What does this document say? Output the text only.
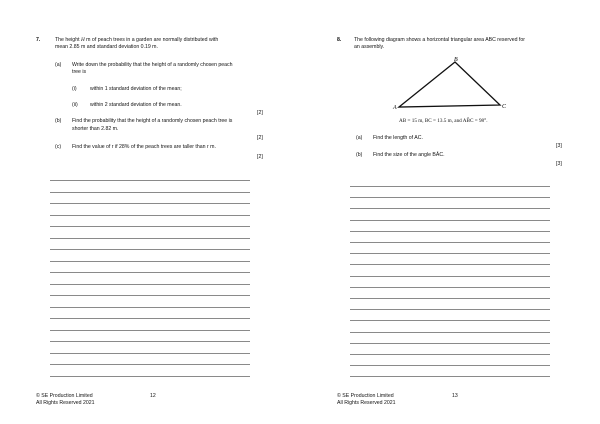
7.	The height H m of peach trees in a garden are normally distributed with
mean 2.85 m and standard deviation 0.19 m.
(a) Write down the probability that the height of a randomly chosen peach
tree is
(i)	within 1 standard deviation of the mean;
(ii) within 2 standard deviation of the mean.
[2]
(b) Find the probability that the height of a randomly chosen peach tree is
shorter than 2.82 m.
[2]
(c) Find the value of r if 28% of the peach trees are taller than r m.
[2]
© SE Production Limited
All Rights Reserved 2021
12
8. The following diagram shows a horizontal triangular area ABC reserved for
an assembly.
A
B
C
AB = 15 m, BC = 13.5 m, and AB̂C = 98°.
(a) Find the length of AC.
[3]
(b) Find the size of the angle BÂC.
[3]
© SE Production Limited
All Rights Reserved 2021
13
